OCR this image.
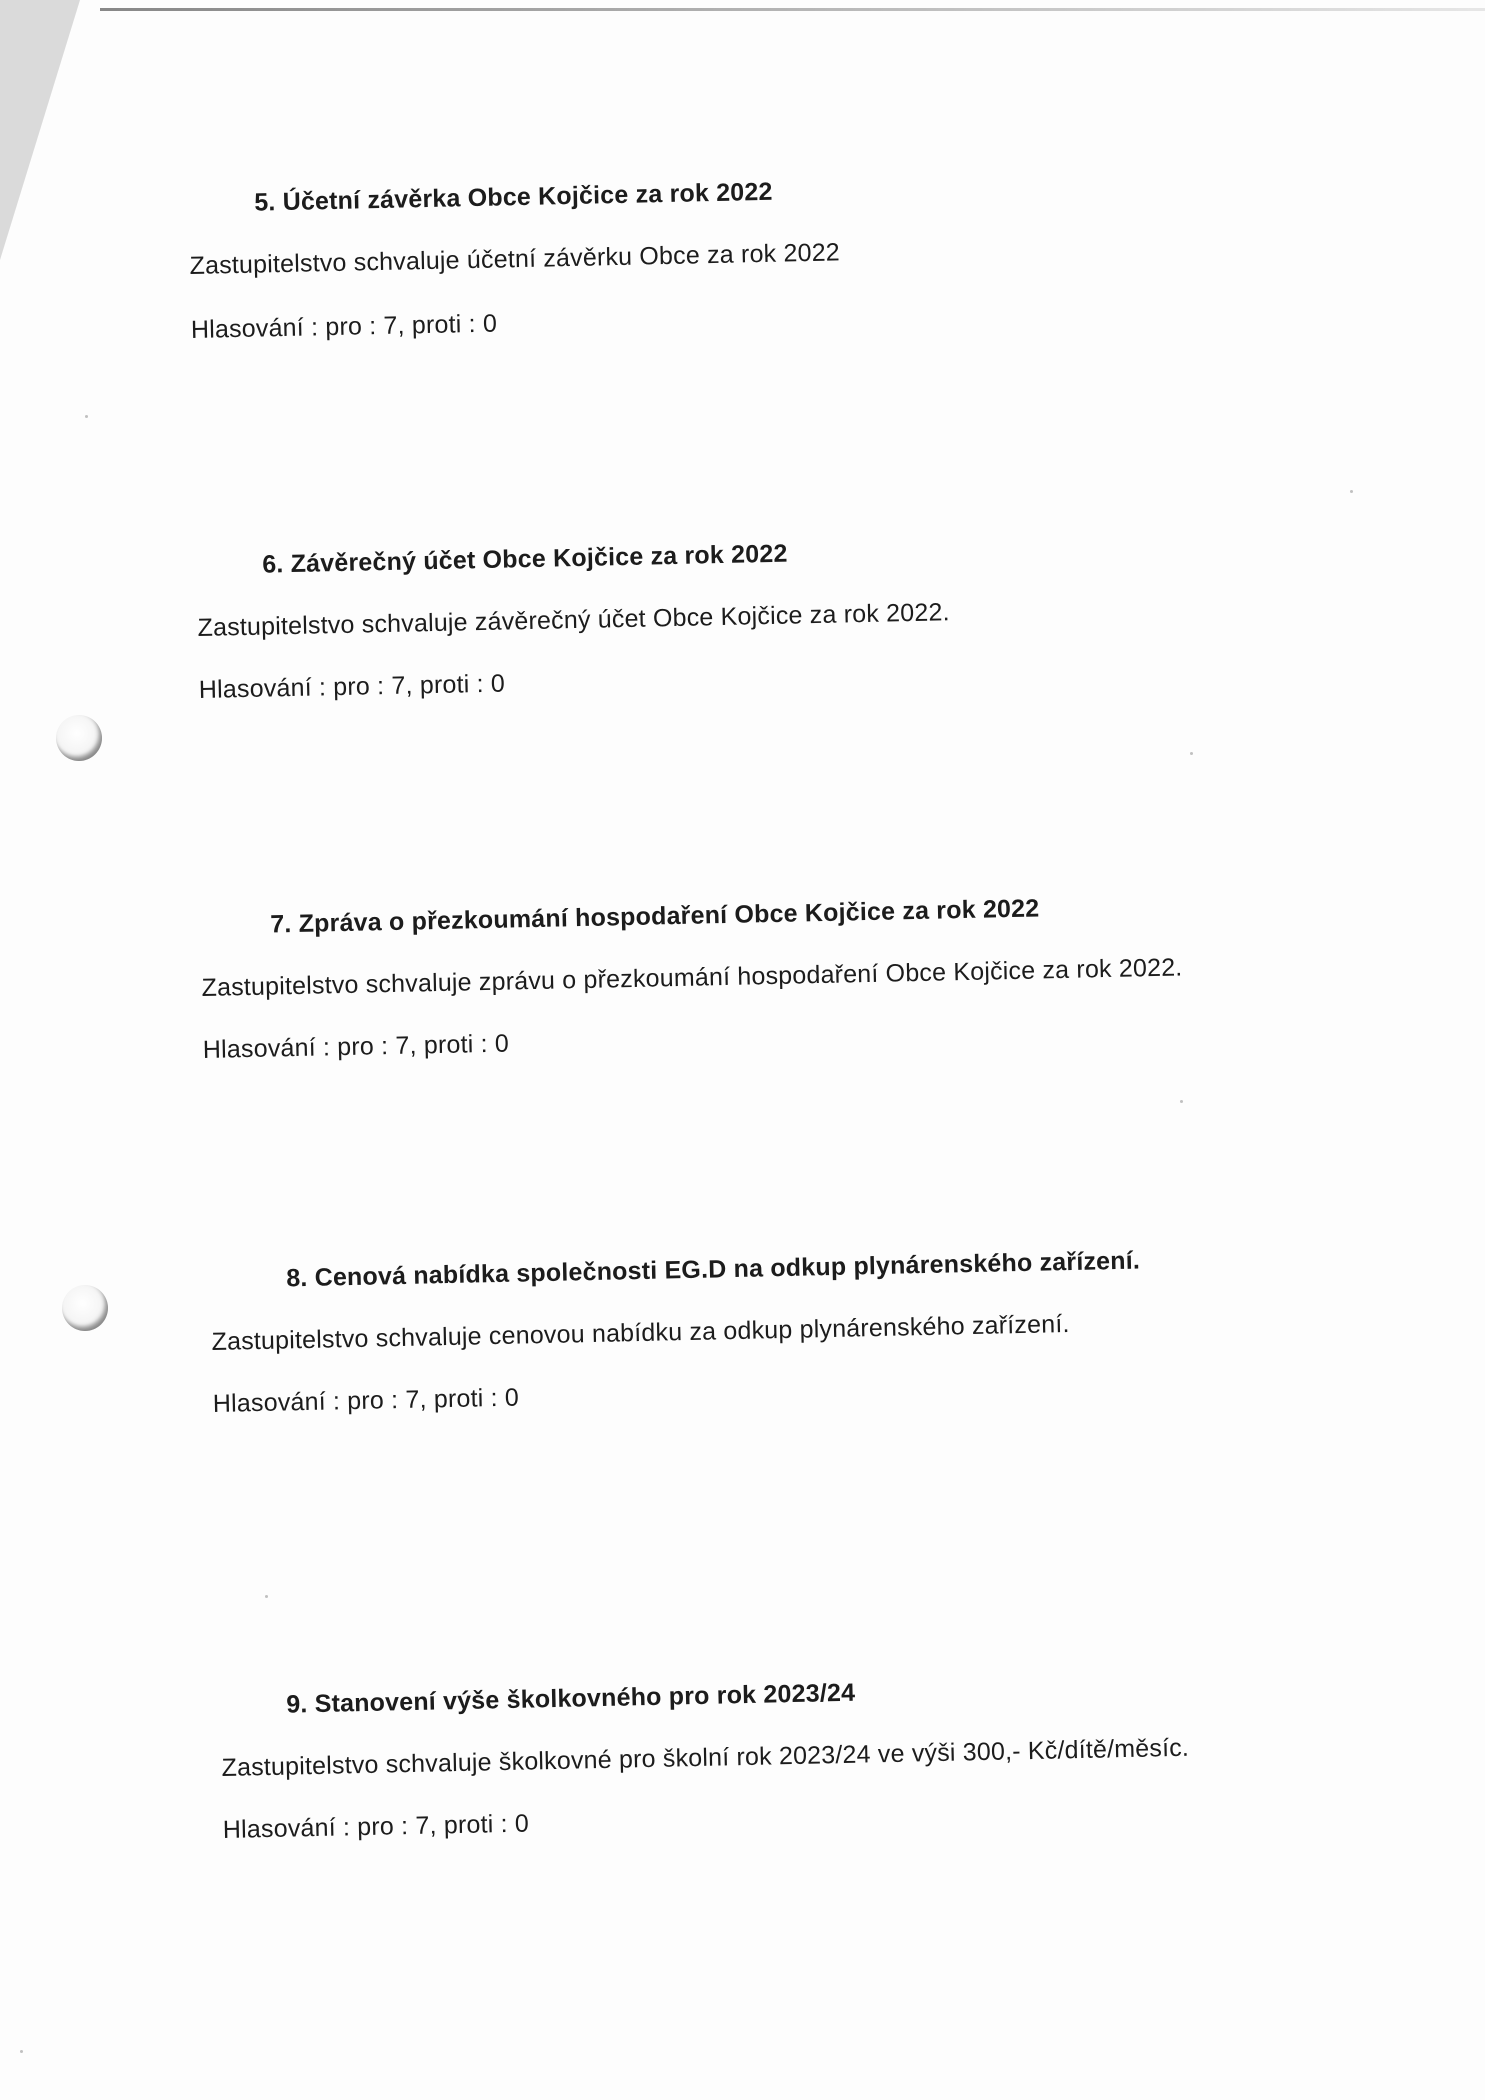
5. Účetní závěrka Obce Kojčice za rok 2022

Zastupitelstvo schvaluje účetní závěrku Obce za rok 2022

Hlasování : pro : 7, proti : 0

6. Závěrečný účet Obce Kojčice za rok 2022

Zastupitelstvo schvaluje závěrečný účet Obce Kojčice za rok 2022.

Hlasování : pro : 7, proti : 0

7. Zpráva o přezkoumání hospodaření Obce Kojčice za rok 2022

Zastupitelstvo schvaluje zprávu o přezkoumání hospodaření Obce Kojčice za rok 2022.

Hlasování : pro : 7, proti : 0

8. Cenová nabídka společnosti EG.D na odkup plynárenského zařízení.

Zastupitelstvo schvaluje cenovou nabídku za odkup plynárenského zařízení.

Hlasování : pro : 7, proti : 0

9. Stanovení výše školkovného pro rok 2023/24

Zastupitelstvo schvaluje školkovné pro školní rok 2023/24 ve výši 300,- Kč/dítě/měsíc.

Hlasování : pro : 7, proti : 0
